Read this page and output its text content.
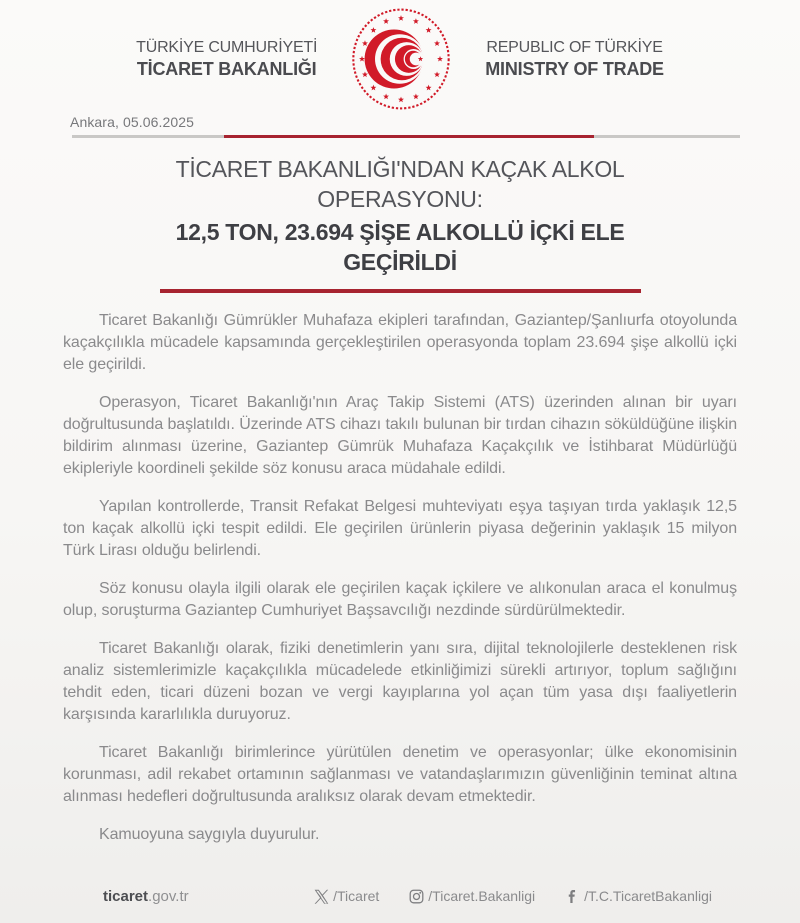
TÜRKİYE CUMHURİYETİ
TİCARET BAKANLIĞI
REPUBLIC OF TÜRKİYE
MINISTRY OF TRADE
Ankara, 05.06.2025
TİCARET BAKANLIĞI'NDAN KAÇAK ALKOL OPERASYONU:
12,5 TON, 23.694 ŞİŞE ALKOLLÜ İÇKİ ELE GEÇİRİLDİ

Ticaret Bakanlığı Gümrükler Muhafaza ekipleri tarafından, Gaziantep/Şanlıurfa otoyolunda kaçakçılıkla mücadele kapsamında gerçekleştirilen operasyonda toplam 23.694 şişe alkollü içki ele geçirildi.

Operasyon, Ticaret Bakanlığı'nın Araç Takip Sistemi (ATS) üzerinden alınan bir uyarı doğrultusunda başlatıldı. Üzerinde ATS cihazı takılı bulunan bir tırdan cihazın söküldüğüne ilişkin bildirim alınması üzerine, Gaziantep Gümrük Muhafaza Kaçakçılık ve İstihbarat Müdürlüğü ekipleriyle koordineli şekilde söz konusu araca müdahale edildi.

Yapılan kontrollerde, Transit Refakat Belgesi muhteviyatı eşya taşıyan tırda yaklaşık 12,5 ton kaçak alkollü içki tespit edildi. Ele geçirilen ürünlerin piyasa değerinin yaklaşık 15 milyon Türk Lirası olduğu belirlendi.

Söz konusu olayla ilgili olarak ele geçirilen kaçak içkilere ve alıkonulan araca el konulmuş olup, soruşturma Gaziantep Cumhuriyet Başsavcılığı nezdinde sürdürülmektedir.

Ticaret Bakanlığı olarak, fiziki denetimlerin yanı sıra, dijital teknolojilerle desteklenen risk analiz sistemlerimizle kaçakçılıkla mücadelede etkinliğimizi sürekli artırıyor, toplum sağlığını tehdit eden, ticari düzeni bozan ve vergi kayıplarına yol açan tüm yasa dışı faaliyetlerin karşısında kararlılıkla duruyoruz.

Ticaret Bakanlığı birimlerince yürütülen denetim ve operasyonlar; ülke ekonomisinin korunması, adil rekabet ortamının sağlanması ve vatandaşlarımızın güvenliğinin teminat altına alınması hedefleri doğrultusunda aralıksız olarak devam etmektedir.

Kamuoyuna saygıyla duyurulur.

ticaret.gov.tr	/Ticaret	/Ticaret.Bakanligi	/T.C.TicaretBakanligi
